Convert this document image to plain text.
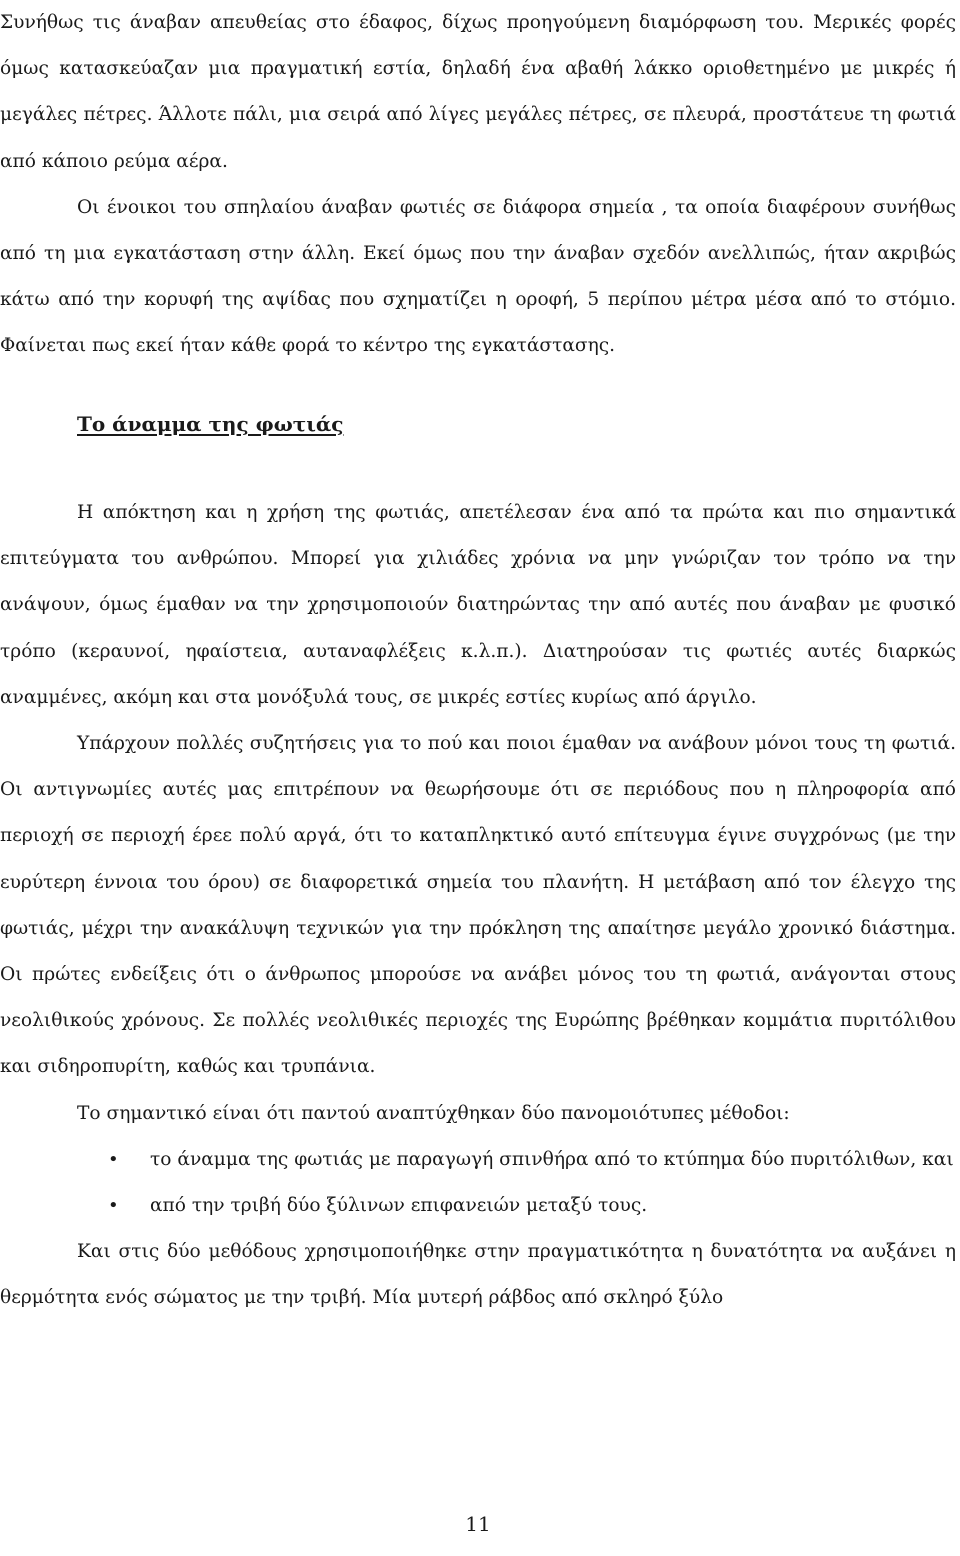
Συνήθως τις άναβαν απευθείας στο έδαφος, δίχως προηγούμενη διαμόρφωση του. Μερικές φορές όμως κατασκεύαζαν μια πραγματική εστία, δηλαδή ένα αβαθή λάκκο οριοθετημένο με μικρές ή μεγάλες πέτρες. Άλλοτε πάλι, μια σειρά από λίγες μεγάλες πέτρες, σε πλευρά, προστάτευε τη φωτιά από κάποιο ρεύμα αέρα.

Οι ένοικοι του σπηλαίου άναβαν φωτιές σε διάφορα σημεία , τα οποία διαφέρουν συνήθως από τη μια εγκατάσταση στην άλλη. Εκεί όμως που την άναβαν σχεδόν ανελλιπώς, ήταν ακριβώς κάτω από την κορυφή της αψίδας που σχηματίζει η οροφή, 5 περίπου μέτρα μέσα από το στόμιο. Φαίνεται πως εκεί ήταν κάθε φορά το κέντρο της εγκατάστασης.

Το άναμμα της φωτιάς

Η απόκτηση και η χρήση της φωτιάς, απετέλεσαν ένα από τα πρώτα και πιο σημαντικά επιτεύγματα του ανθρώπου. Μπορεί για χιλιάδες χρόνια να μην γνώριζαν τον τρόπο να την ανάψουν, όμως έμαθαν να την χρησιμοποιούν διατηρώντας την από αυτές που άναβαν με φυσικό τρόπο (κεραυνοί, ηφαίστεια, αυταναφλέξεις κ.λ.π.). Διατηρούσαν τις φωτιές αυτές διαρκώς αναμμένες, ακόμη και στα μονόξυλά τους, σε μικρές εστίες κυρίως από άργιλο.

Υπάρχουν πολλές συζητήσεις για το πού και ποιοι έμαθαν να ανάβουν μόνοι τους τη φωτιά. Οι αντιγνωμίες αυτές μας επιτρέπουν να θεωρήσουμε ότι σε περιόδους που η πληροφορία από περιοχή σε περιοχή έρεε πολύ αργά, ότι το καταπληκτικό αυτό επίτευγμα έγινε συγχρόνως (με την ευρύτερη έννοια του όρου) σε διαφορετικά σημεία του πλανήτη. Η μετάβαση από τον έλεγχο της φωτιάς, μέχρι την ανακάλυψη τεχνικών για την πρόκληση της απαίτησε μεγάλο χρονικό διάστημα. Οι πρώτες ενδείξεις ότι ο άνθρωπος μπορούσε να ανάβει μόνος του τη φωτιά, ανάγονται στους νεολιθικούς χρόνους. Σε πολλές νεολιθικές περιοχές της Ευρώπης βρέθηκαν κομμάτια πυριτόλιθου και σιδηροπυρίτη, καθώς και τρυπάνια.

Το σημαντικό είναι ότι παντού αναπτύχθηκαν δύο πανομοιότυπες μέθοδοι:

• το άναμμα της φωτιάς με παραγωγή σπινθήρα από το κτύπημα δύο πυριτόλιθων, και
• από την τριβή δύο ξύλινων επιφανειών μεταξύ τους.

Και στις δύο μεθόδους χρησιμοποιήθηκε στην πραγματικότητα η δυνατότητα να αυξάνει η θερμότητα ενός σώματος με την τριβή. Μία μυτερή ράβδος από σκληρό ξύλο

11
